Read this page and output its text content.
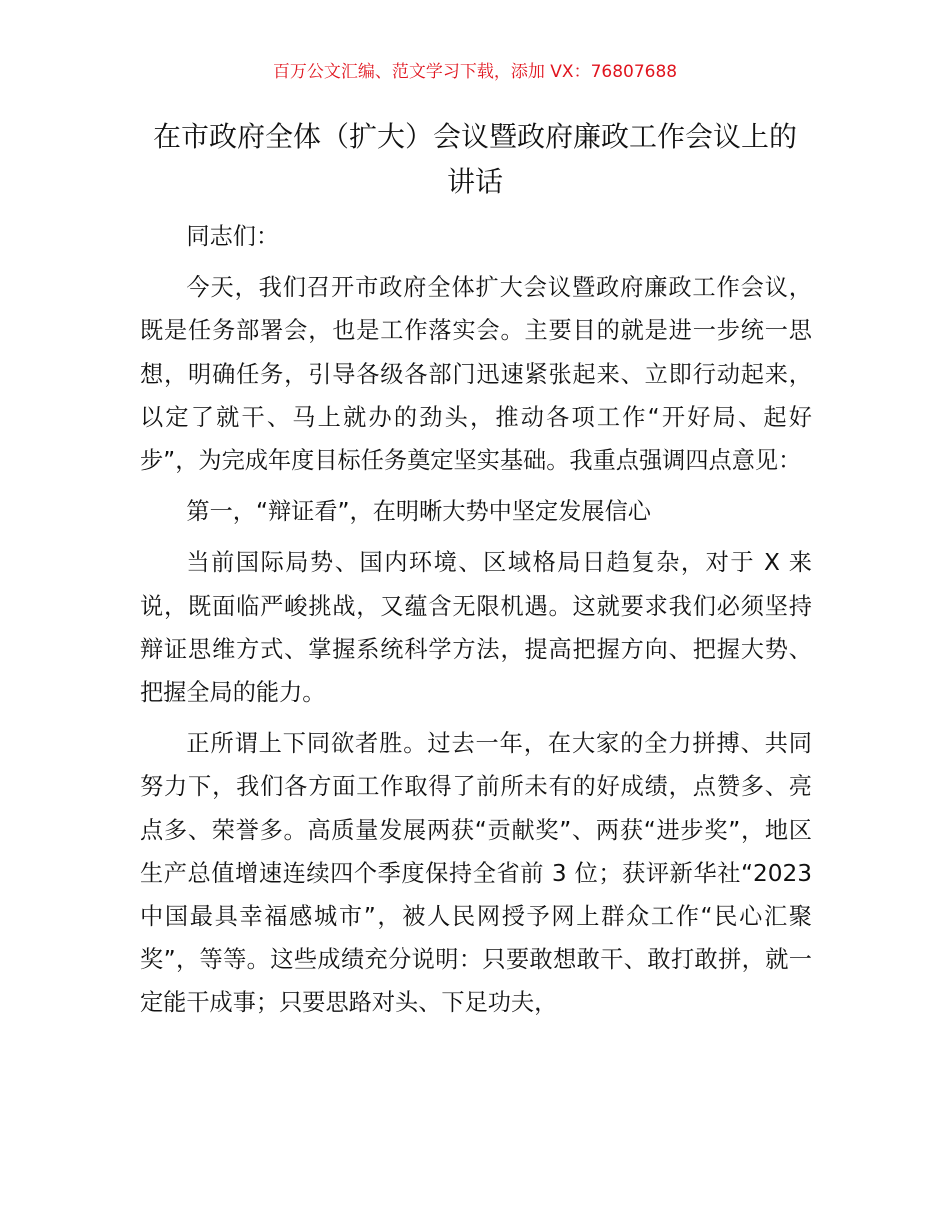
百万公文汇编、范文学习下载，添加 VX：76807688
在市政府全体（扩大）会议暨政府廉政工作会议上的讲话

同志们：

今天，我们召开市政府全体扩大会议暨政府廉政工作会议，既是任务部署会，也是工作落实会。主要目的就是进一步统一思想，明确任务，引导各级各部门迅速紧张起来、立即行动起来，以定了就干、马上就办的劲头，推动各项工作“开好局、起好步”，为完成年度目标任务奠定坚实基础。我重点强调四点意见：

第一，“辩证看”，在明晰大势中坚定发展信心

当前国际局势、国内环境、区域格局日趋复杂，对于 X 来说，既面临严峻挑战，又蕴含无限机遇。这就要求我们必须坚持辩证思维方式、掌握系统科学方法，提高把握方向、把握大势、把握全局的能力。

正所谓上下同欲者胜。过去一年，在大家的全力拼搏、共同努力下，我们各方面工作取得了前所未有的好成绩，点赞多、亮点多、荣誉多。高质量发展两获“贡献奖”、两获“进步奖”，地区生产总值增速连续四个季度保持全省前 3 位；获评新华社“2023 中国最具幸福感城市”，被人民网授予网上群众工作“民心汇聚奖”，等等。这些成绩充分说明：只要敢想敢干、敢打敢拼，就一定能干成事；只要思路对头、下足功夫，
